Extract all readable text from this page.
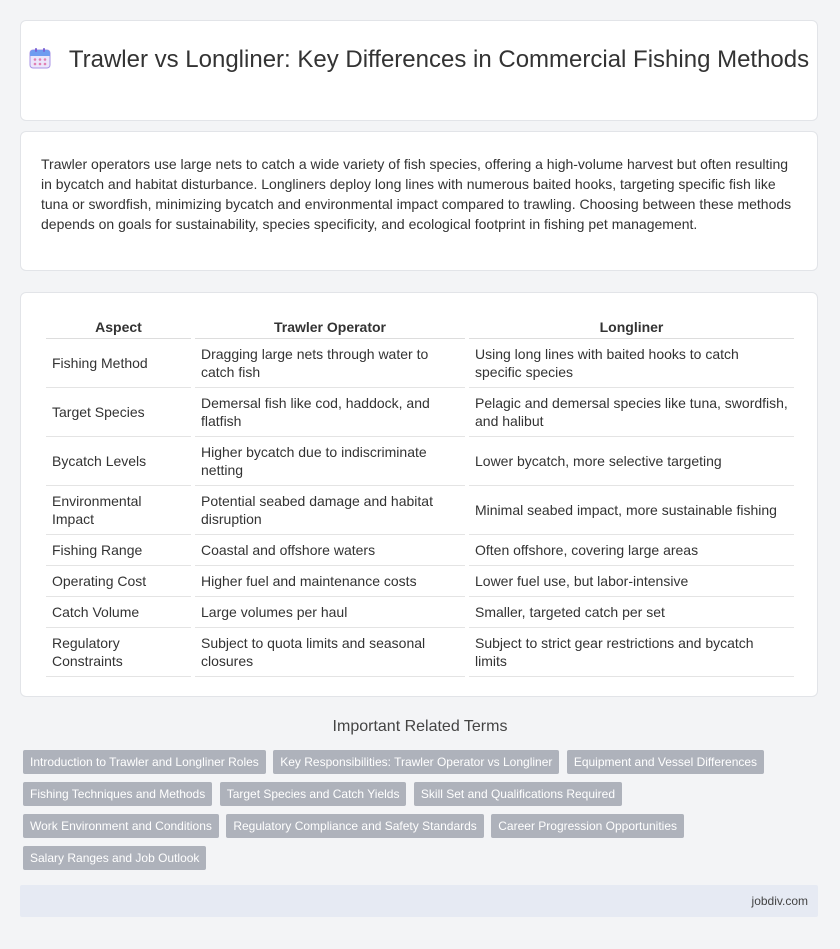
Trawler vs Longliner: Key Differences in Commercial Fishing Methods

Trawler operators use large nets to catch a wide variety of fish species, offering a high-volume harvest but often resulting in bycatch and habitat disturbance. Longliners deploy long lines with numerous baited hooks, targeting specific fish like tuna or swordfish, minimizing bycatch and environmental impact compared to trawling. Choosing between these methods depends on goals for sustainability, species specificity, and ecological footprint in fishing pet management.

Aspect	Trawler Operator	Longliner
Fishing Method	Dragging large nets through water to catch fish	Using long lines with baited hooks to catch specific species
Target Species	Demersal fish like cod, haddock, and flatfish	Pelagic and demersal species like tuna, swordfish, and halibut
Bycatch Levels	Higher bycatch due to indiscriminate netting	Lower bycatch, more selective targeting
Environmental Impact	Potential seabed damage and habitat disruption	Minimal seabed impact, more sustainable fishing
Fishing Range	Coastal and offshore waters	Often offshore, covering large areas
Operating Cost	Higher fuel and maintenance costs	Lower fuel use, but labor-intensive
Catch Volume	Large volumes per haul	Smaller, targeted catch per set
Regulatory Constraints	Subject to quota limits and seasonal closures	Subject to strict gear restrictions and bycatch limits
Important Related Terms
Introduction to Trawler and Longliner Roles Key Responsibilities: Trawler Operator vs Longliner Equipment and Vessel Differences Fishing Techniques and Methods Target Species and Catch Yields Skill Set and Qualifications Required Work Environment and Conditions Regulatory Compliance and Safety Standards Career Progression Opportunities Salary Ranges and Job Outlook
jobdiv.com
